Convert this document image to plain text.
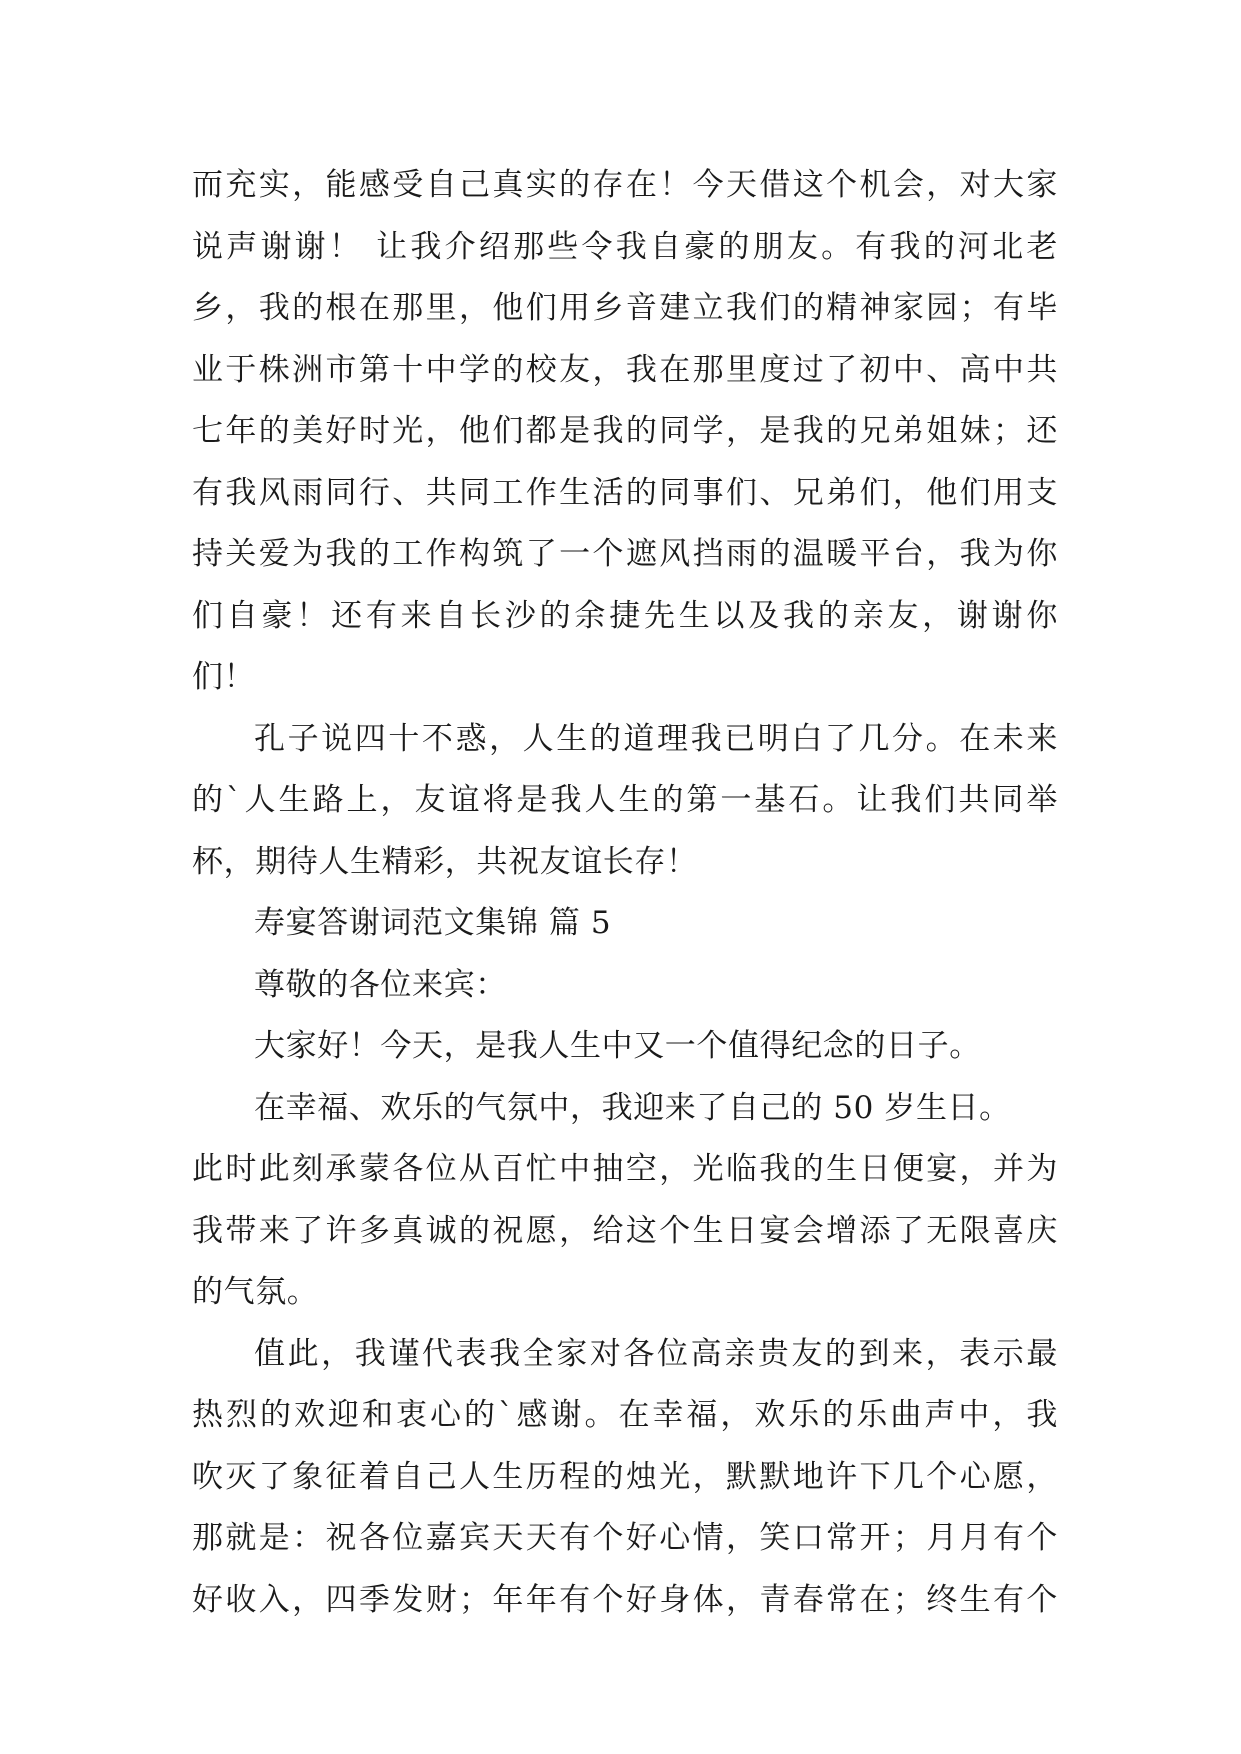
而充实，能感受自己真实的存在！今天借这个机会，对大家
说声谢谢！ 让我介绍那些令我自豪的朋友。有我的河北老
乡，我的根在那里，他们用乡音建立我们的精神家园；有毕
业于株洲市第十中学的校友，我在那里度过了初中、高中共
七年的美好时光，他们都是我的同学，是我的兄弟姐妹；还
有我风雨同行、共同工作生活的同事们、兄弟们，他们用支
持关爱为我的工作构筑了一个遮风挡雨的温暖平台，我为你
们自豪！还有来自长沙的余捷先生以及我的亲友，谢谢你
们！
孔子说四十不惑，人生的道理我已明白了几分。在未来
的`人生路上，友谊将是我人生的第一基石。让我们共同举
杯，期待人生精彩，共祝友谊长存！
寿宴答谢词范文集锦 篇 5
尊敬的各位来宾：
大家好！今天，是我人生中又一个值得纪念的日子。
在幸福、欢乐的气氛中，我迎来了自己的 50 岁生日。
此时此刻承蒙各位从百忙中抽空，光临我的生日便宴，并为
我带来了许多真诚的祝愿，给这个生日宴会增添了无限喜庆
的气氛。
值此，我谨代表我全家对各位高亲贵友的到来，表示最
热烈的欢迎和衷心的`感谢。在幸福，欢乐的乐曲声中，我
吹灭了象征着自己人生历程的烛光，默默地许下几个心愿，
那就是：祝各位嘉宾天天有个好心情，笑口常开；月月有个
好收入，四季发财；年年有个好身体，青春常在；终生有个
